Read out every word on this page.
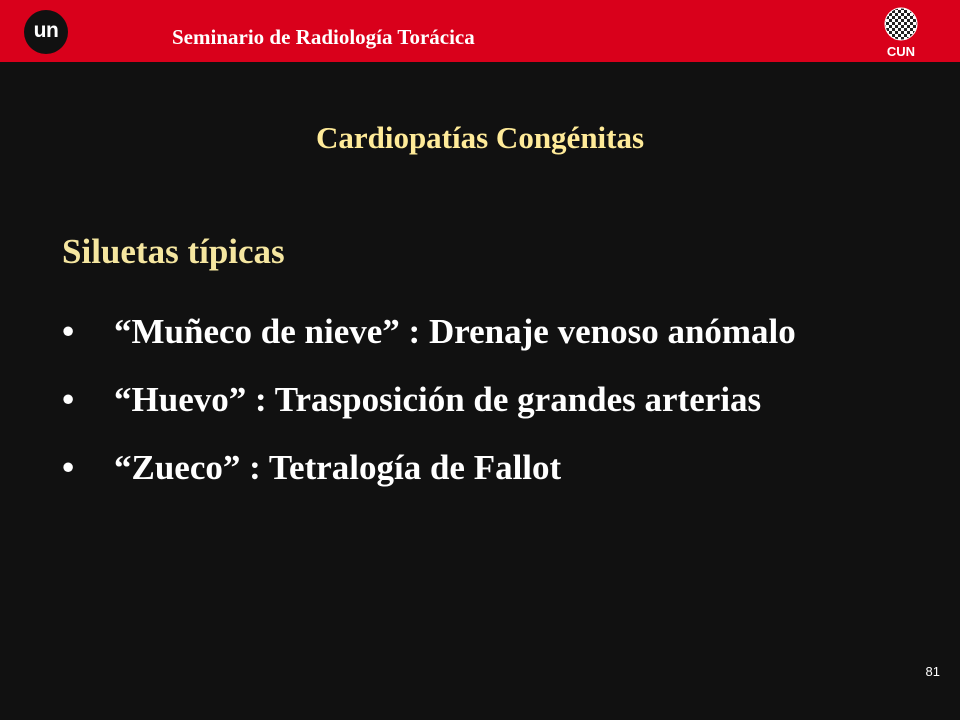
un	Seminario de Radiología Torácica
CUN
Cardiopatías Congénitas
Siluetas típicas
•	“Muñeco de nieve” : Drenaje venoso anómalo
•	“Huevo” : Trasposición de grandes arterias
•	“Zueco” : Tetralogía de Fallot
81
